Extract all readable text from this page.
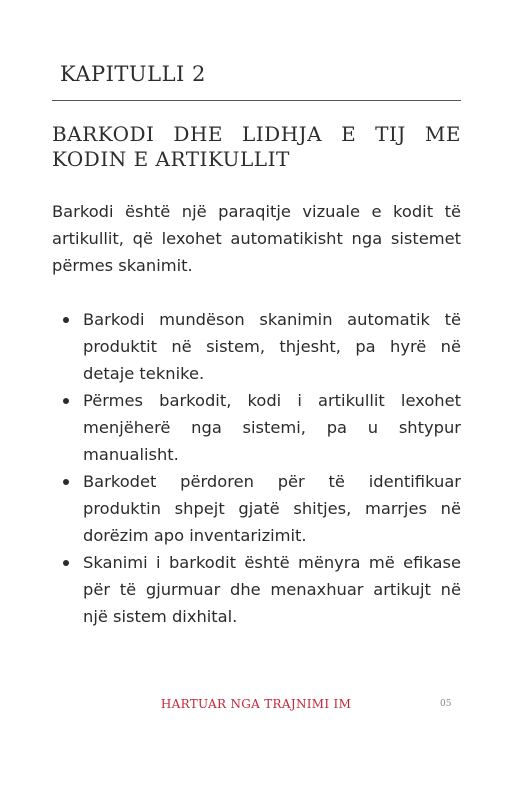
KAPITULLI 2
BARKODI DHE LIDHJA E TIJ ME
KODIN E ARTIKULLIT

Barkodi është një paraqitje vizuale e kodit të artikullit, që lexohet automatikisht nga sistemet përmes skanimit.

Barkodi mundëson skanimin automatik të produktit në sistem, thjesht, pa hyrë në detaje teknike.
Përmes barkodit, kodi i artikullit lexohet menjëherë nga sistemi, pa u shtypur manualisht.
Barkodet përdoren për të identifikuar produktin shpejt gjatë shitjes, marrjes në dorëzim apo inventarizimit.
Skanimi i barkodit është mënyra më efikase për të gjurmuar dhe menaxhuar artikujt në një sistem dixhital.
HARTUAR NGA TRAJNIMI IM	05
